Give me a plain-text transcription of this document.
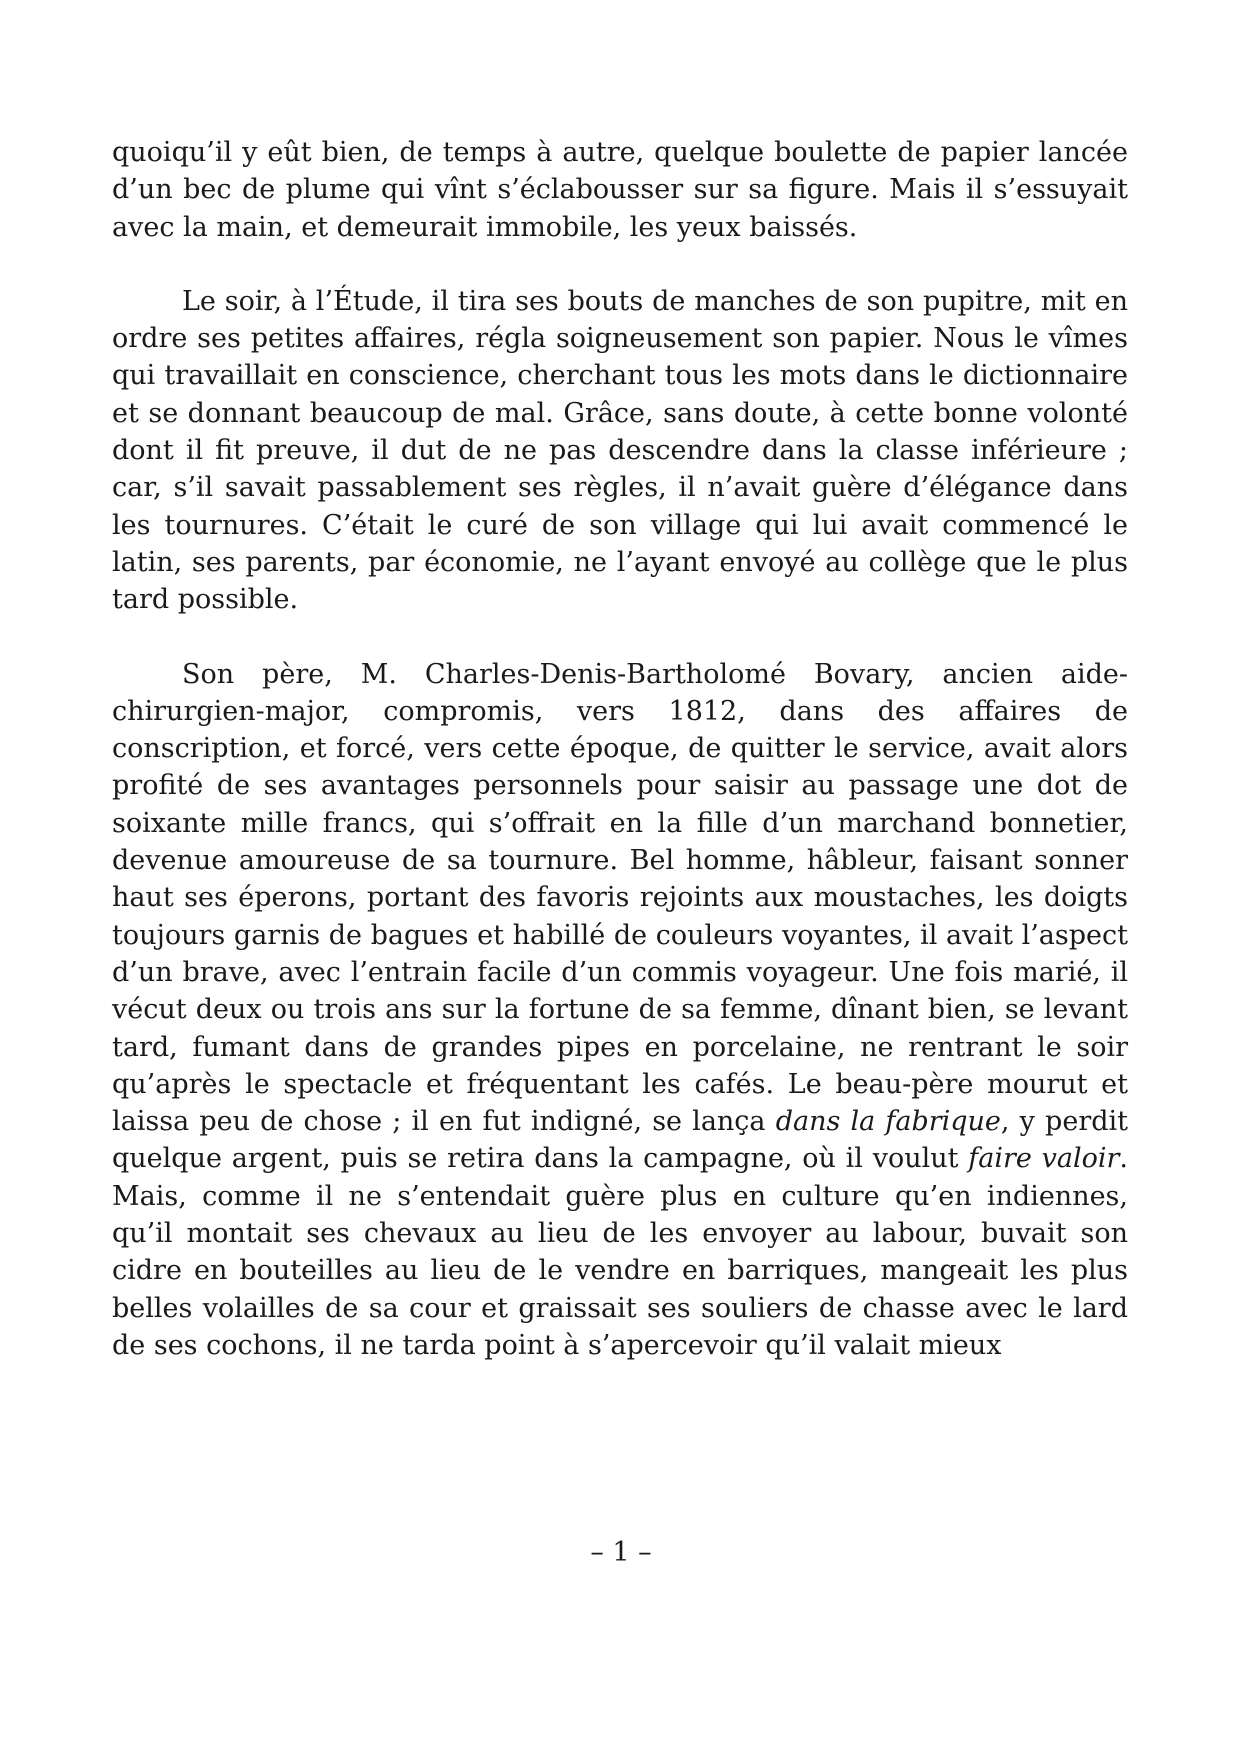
quoiqu’il y eût bien, de temps à autre, quelque boulette de papier lancée d’un bec de plume qui vînt s’éclabousser sur sa figure. Mais il s’essuyait avec la main, et demeurait immobile, les yeux baissés.

Le soir, à l’Étude, il tira ses bouts de manches de son pupitre, mit en ordre ses petites affaires, régla soigneusement son papier. Nous le vîmes qui travaillait en conscience, cherchant tous les mots dans le dictionnaire et se donnant beaucoup de mal. Grâce, sans doute, à cette bonne volonté dont il fit preuve, il dut de ne pas descendre dans la classe inférieure ; car, s’il savait passablement ses règles, il n’avait guère d’élégance dans les tournures. C’était le curé de son village qui lui avait commencé le latin, ses parents, par économie, ne l’ayant envoyé au collège que le plus tard possible.

Son père, M. Charles-Denis-Bartholomé Bovary, ancien aide-chirurgien-major, compromis, vers 1812, dans des affaires de conscription, et forcé, vers cette époque, de quitter le service, avait alors profité de ses avantages personnels pour saisir au passage une dot de soixante mille francs, qui s’offrait en la fille d’un marchand bonnetier, devenue amoureuse de sa tournure. Bel homme, hâbleur, faisant sonner haut ses éperons, portant des favoris rejoints aux moustaches, les doigts toujours garnis de bagues et habillé de couleurs voyantes, il avait l’aspect d’un brave, avec l’entrain facile d’un commis voyageur. Une fois marié, il vécut deux ou trois ans sur la fortune de sa femme, dînant bien, se levant tard, fumant dans de grandes pipes en porcelaine, ne rentrant le soir qu’après le spectacle et fréquentant les cafés. Le beau-père mourut et laissa peu de chose ; il en fut indigné, se lança dans la fabrique, y perdit quelque argent, puis se retira dans la campagne, où il voulut faire valoir. Mais, comme il ne s’entendait guère plus en culture qu’en indiennes, qu’il montait ses chevaux au lieu de les envoyer au labour, buvait son cidre en bouteilles au lieu de le vendre en barriques, mangeait les plus belles volailles de sa cour et graissait ses souliers de chasse avec le lard de ses cochons, il ne tarda point à s’apercevoir qu’il valait mieux

– 1 –
